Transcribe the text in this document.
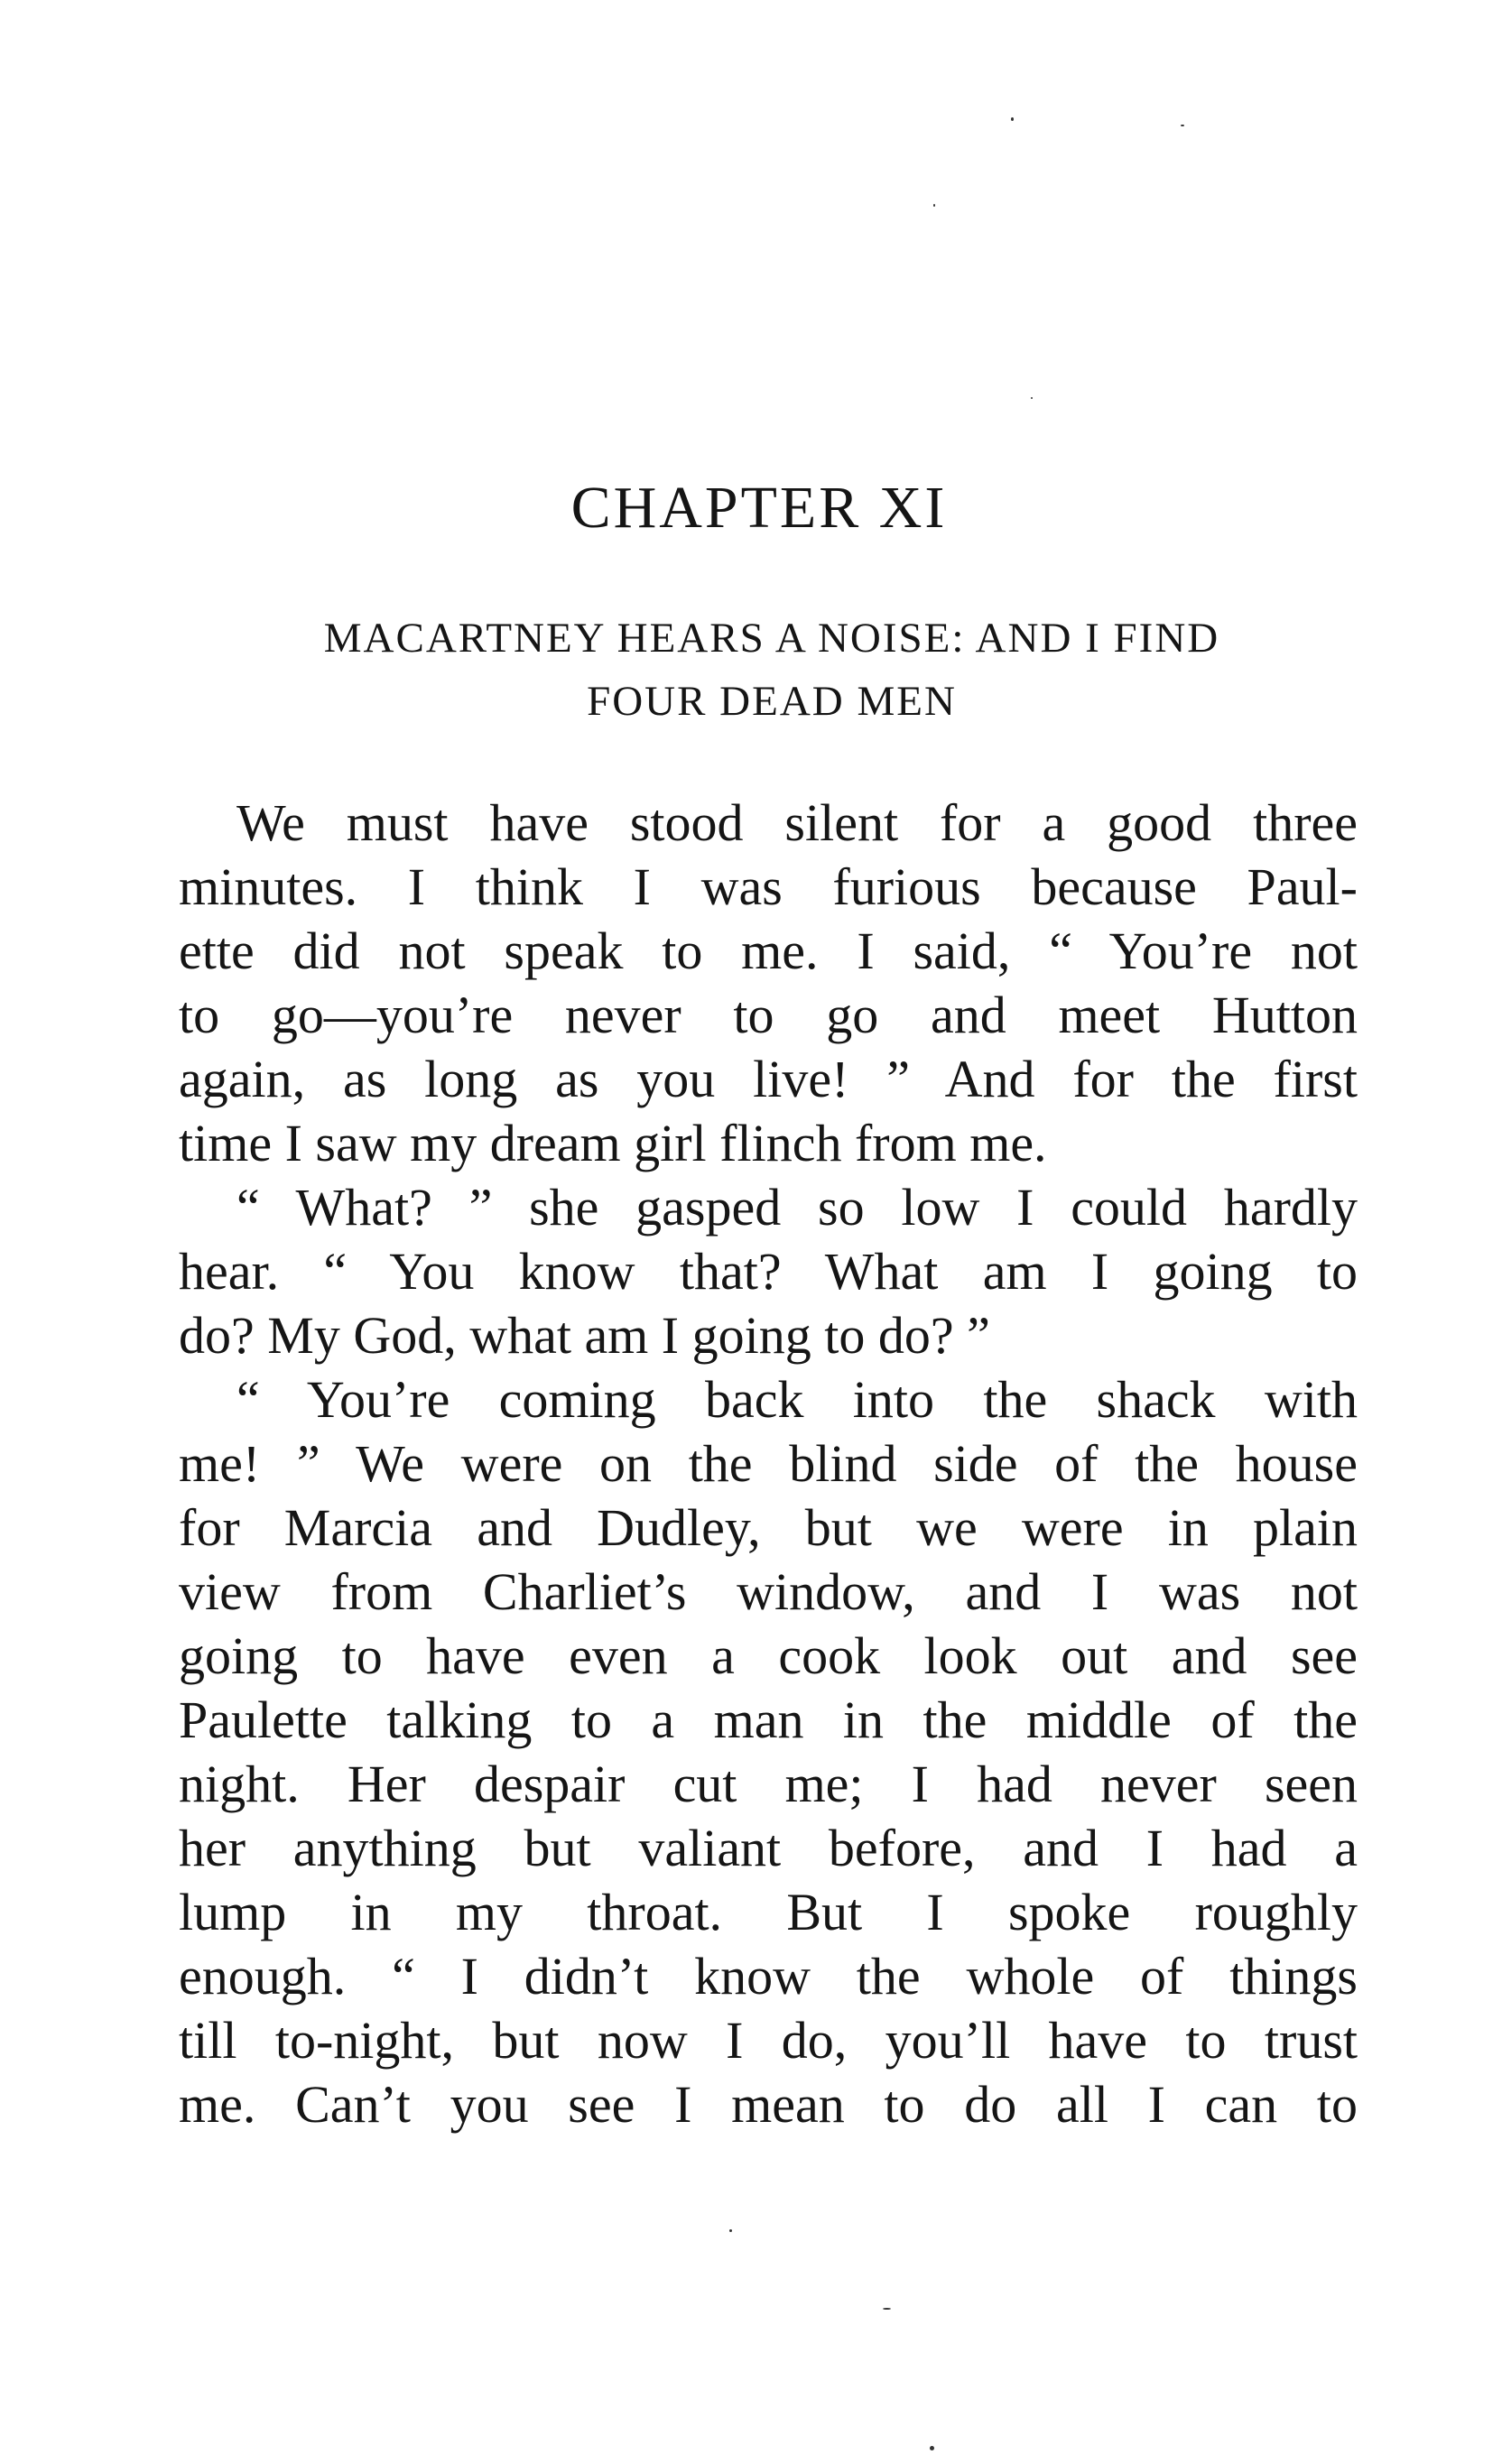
CHAPTER XI

MACARTNEY HEARS A NOISE: AND I FIND

FOUR DEAD MEN

We must have stood silent for a good three

minutes. I think I was furious because Paul-

ette did not speak to me. I said, “ You’re not

to go—you’re never to go and meet Hutton

again, as long as you live! ” And for the first

time I saw my dream girl flinch from me.

“ What? ” she gasped so low I could hardly

hear. “ You know that? What am I going to

do? My God, what am I going to do? ”

“ You’re coming back into the shack with

me! ” We were on the blind side of the house

for Marcia and Dudley, but we were in plain

view from Charliet’s window, and I was not

going to have even a cook look out and see

Paulette talking to a man in the middle of the

night. Her despair cut me; I had never seen

her anything but valiant before, and I had a

lump in my throat. But I spoke roughly

enough. “ I didn’t know the whole of things

till to-night, but now I do, you’ll have to trust

me. Can’t you see I mean to do all I can to
